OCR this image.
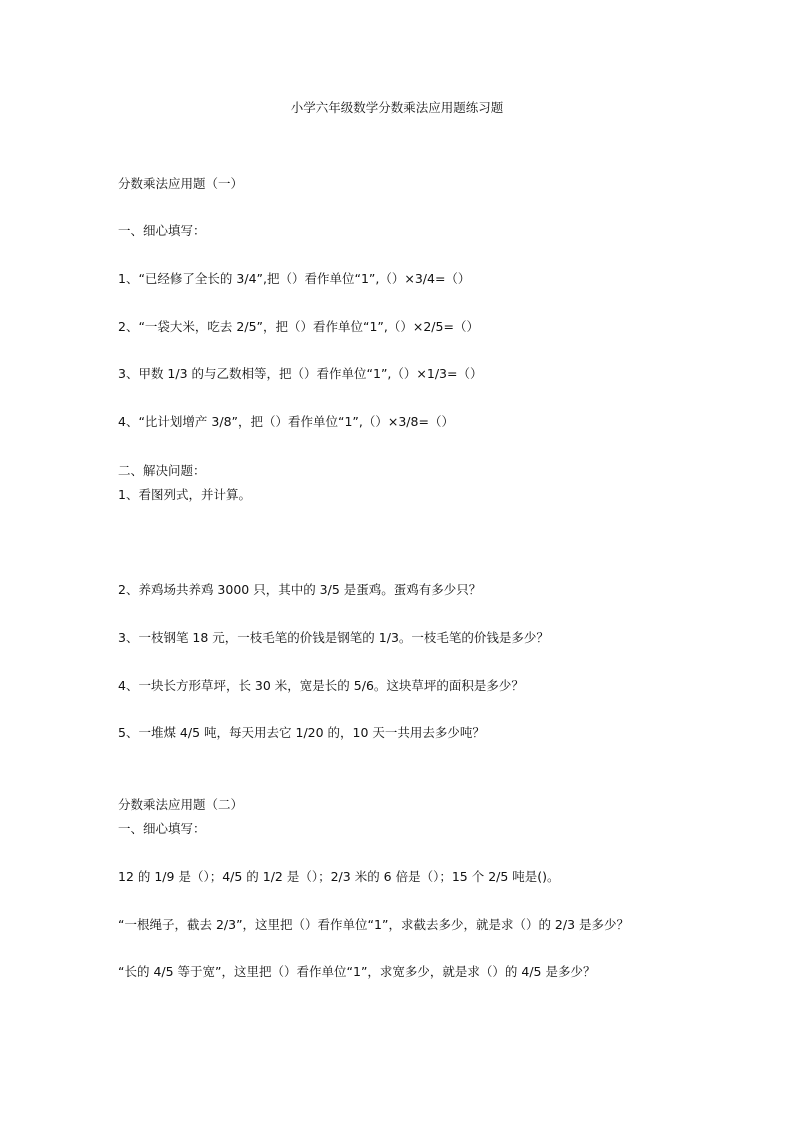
小学六年级数学分数乘法应用题练习题
分数乘法应用题（一）
一、细心填写：
1、“已经修了全长的 3/4”,把（）看作单位“1”,（）×3/4=（）
2、“一袋大米，吃去 2/5”，把（）看作单位“1”,（）×2/5=（）
3、甲数 1/3 的与乙数相等，把（）看作单位“1”,（）×1/3=（）
4、“比计划增产 3/8”，把（）看作单位“1”,（）×3/8=（）
二、解决问题：
1、看图列式，并计算。
2、养鸡场共养鸡 3000 只，其中的 3/5 是蛋鸡。蛋鸡有多少只？
3、一枝钢笔 18 元，一枝毛笔的价钱是钢笔的 1/3。一枝毛笔的价钱是多少？
4、一块长方形草坪，长 30 米，宽是长的 5/6。这块草坪的面积是多少？
5、一堆煤 4/5 吨，每天用去它 1/20 的，10 天一共用去多少吨？
分数乘法应用题（二）
一、细心填写：
12 的 1/9 是（）；4/5 的 1/2 是（）；2/3 米的 6 倍是（）；15 个 2/5 吨是()。
“一根绳子，截去 2/3”，这里把（）看作单位“1”，求截去多少，就是求（）的 2/3 是多少？
“长的 4/5 等于宽”，这里把（）看作单位“1”，求宽多少，就是求（）的 4/5 是多少？
